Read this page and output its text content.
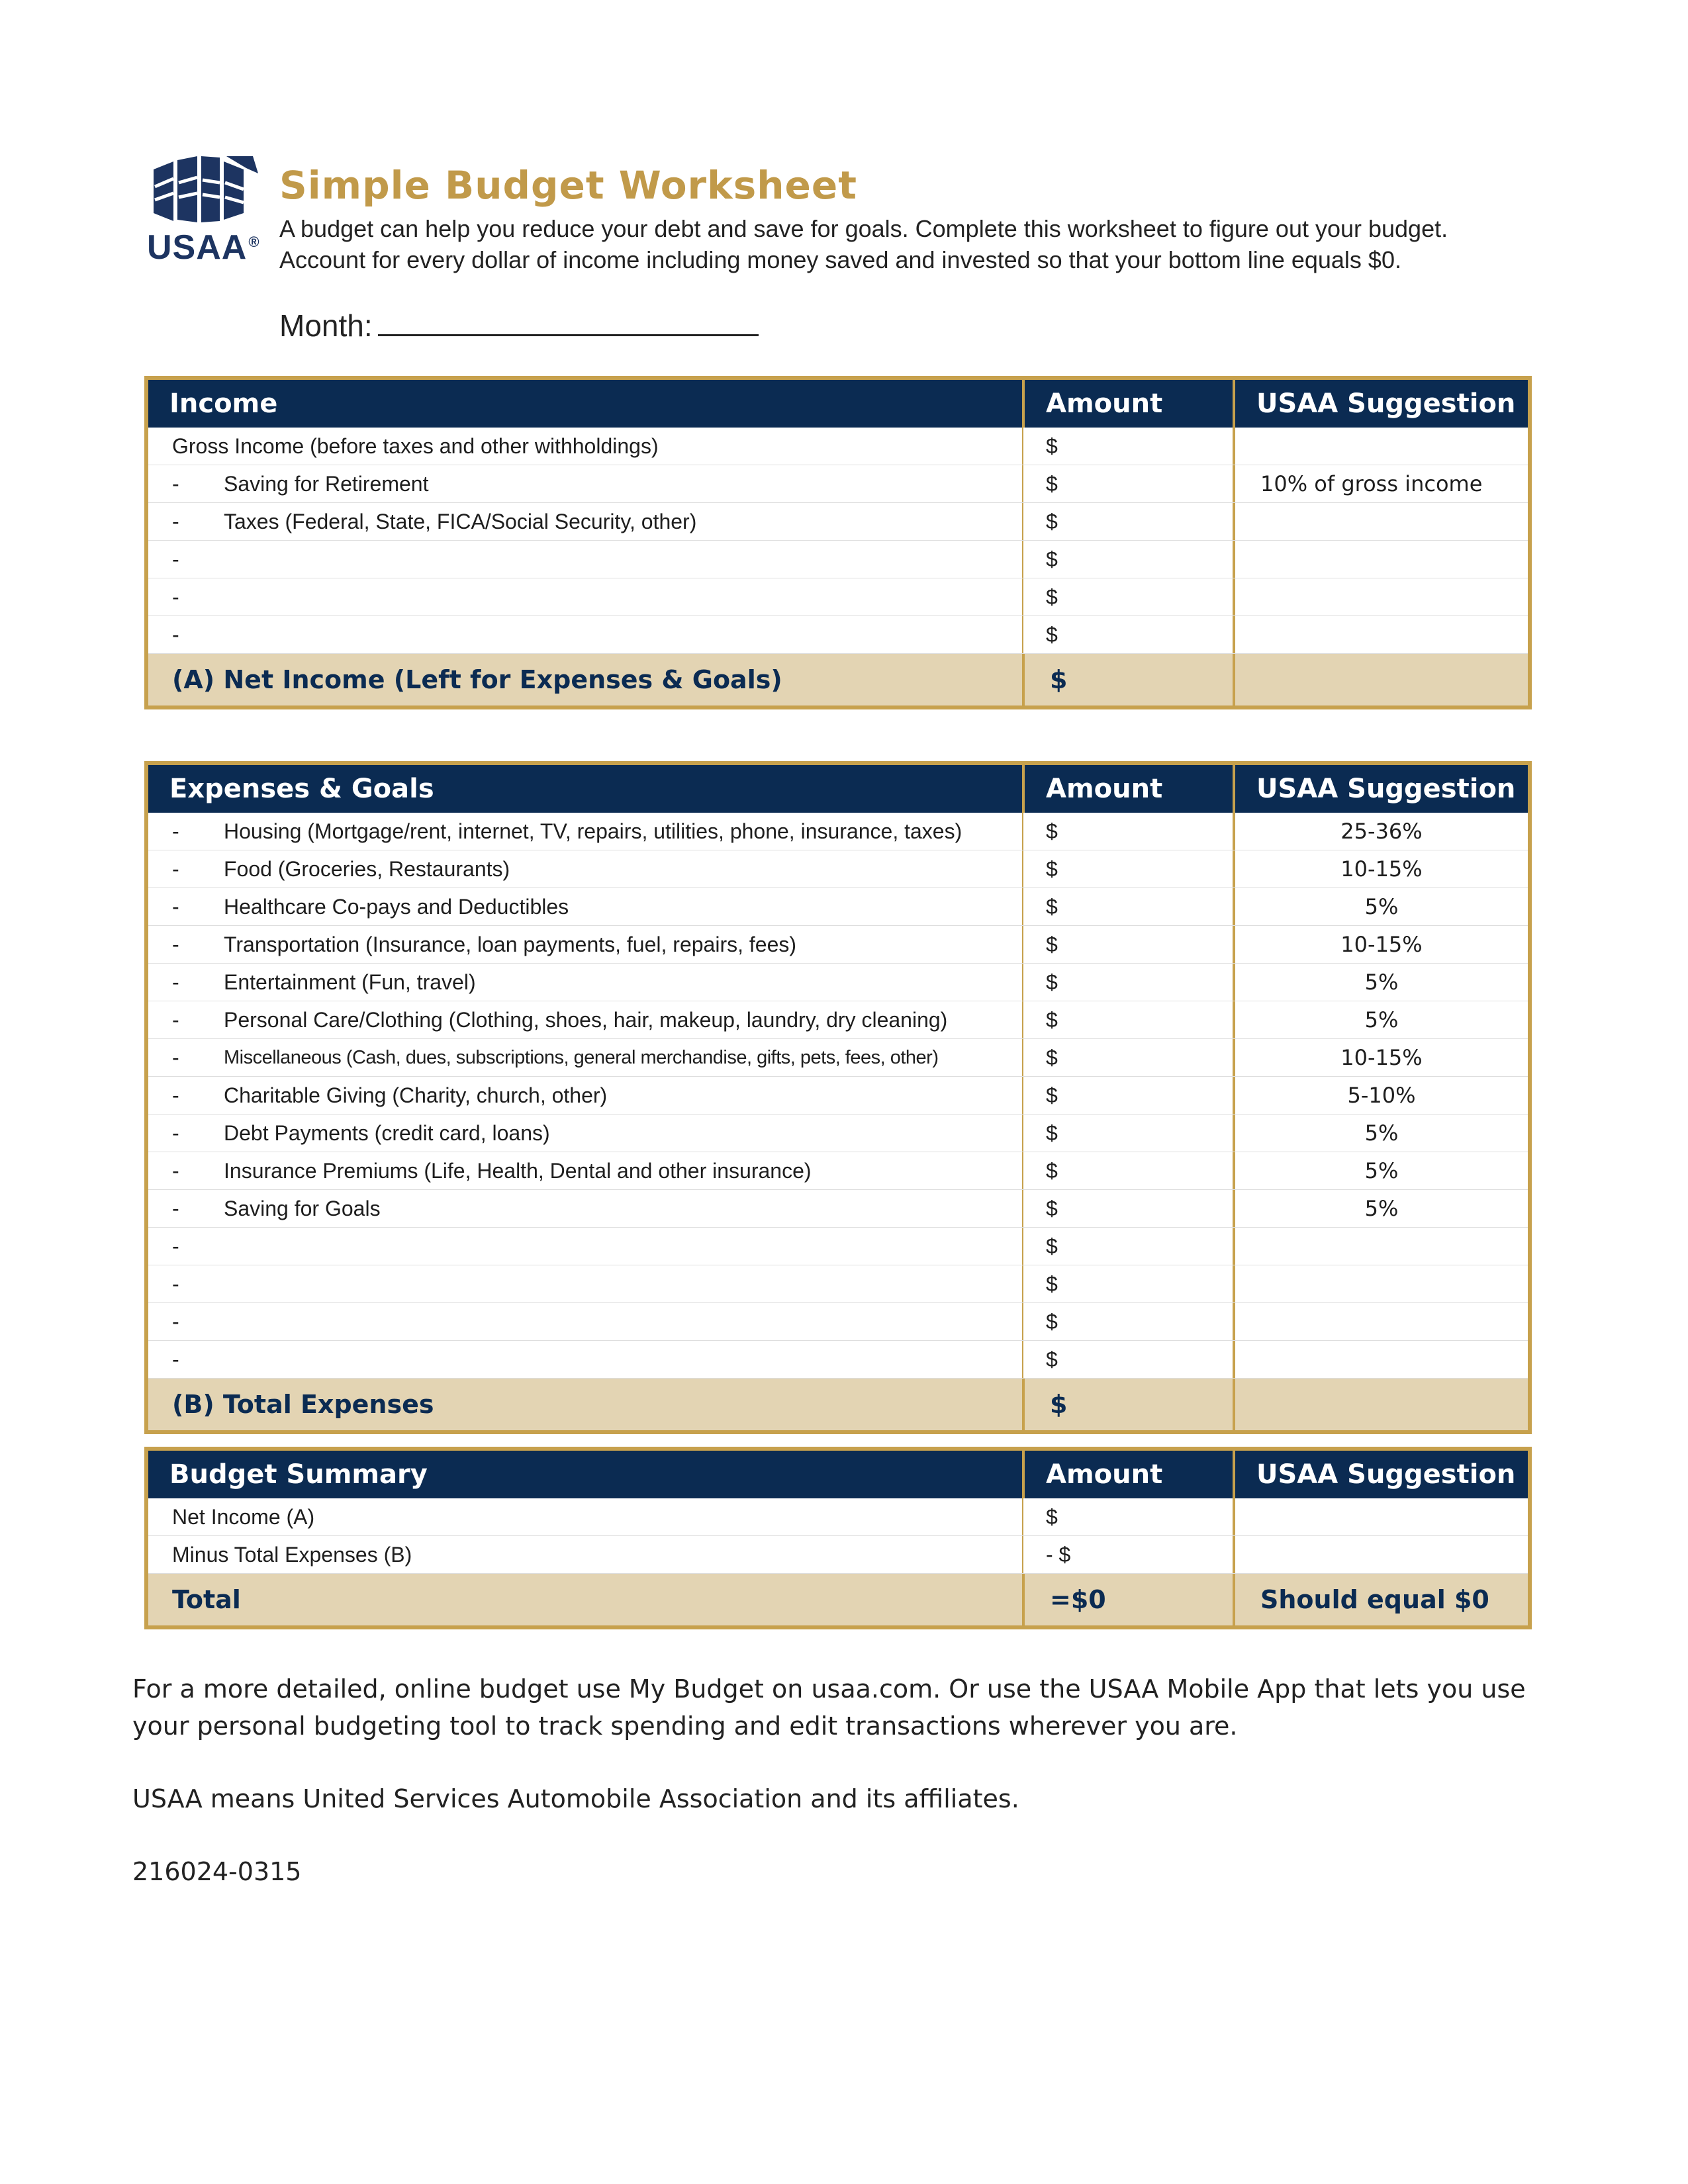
USAA®
Simple Budget Worksheet

A budget can help you reduce your debt and save for goals. Complete this worksheet to figure out your budget.

Account for every dollar of income including money saved and invested so that your bottom line equals $0.

Month:
Income	Amount	USAA Suggestion
Gross Income (before taxes and other withholdings)	$
-	Saving for Retirement	$	10% of gross income
-	Taxes (Federal, State, FICA/Social Security, other)	$
-	$
-	$
-	$
(A) Net Income (Left for Expenses & Goals)	$
Expenses & Goals	Amount	USAA Suggestion
-	Housing (Mortgage/rent, internet, TV, repairs, utilities, phone, insurance, taxes)	$	25-36%
-	Food (Groceries, Restaurants)	$	10-15%
-	Healthcare Co-pays and Deductibles	$	5%
-	Transportation (Insurance, loan payments, fuel, repairs, fees)	$	10-15%
-	Entertainment (Fun, travel)	$	5%
-	Personal Care/Clothing (Clothing, shoes, hair, makeup, laundry, dry cleaning)	$	5%
-	Miscellaneous (Cash, dues, subscriptions, general merchandise, gifts, pets, fees, other)	$	10-15%
-	Charitable Giving (Charity, church, other)	$	5-10%
-	Debt Payments (credit card, loans)	$	5%
-	Insurance Premiums (Life, Health, Dental and other insurance)	$	5%
-	Saving for Goals	$	5%
-	$
-	$
-	$
-	$
(B) Total Expenses	$
Budget Summary	Amount	USAA Suggestion
Net Income (A)	$
Minus Total Expenses (B)	- $
Total	=$0	Should equal $0

For a more detailed, online budget use My Budget on usaa.com. Or use the USAA Mobile App that lets you use your personal budgeting tool to track spending and edit transactions wherever you are.

USAA means United Services Automobile Association and its affiliates.

216024-0315
